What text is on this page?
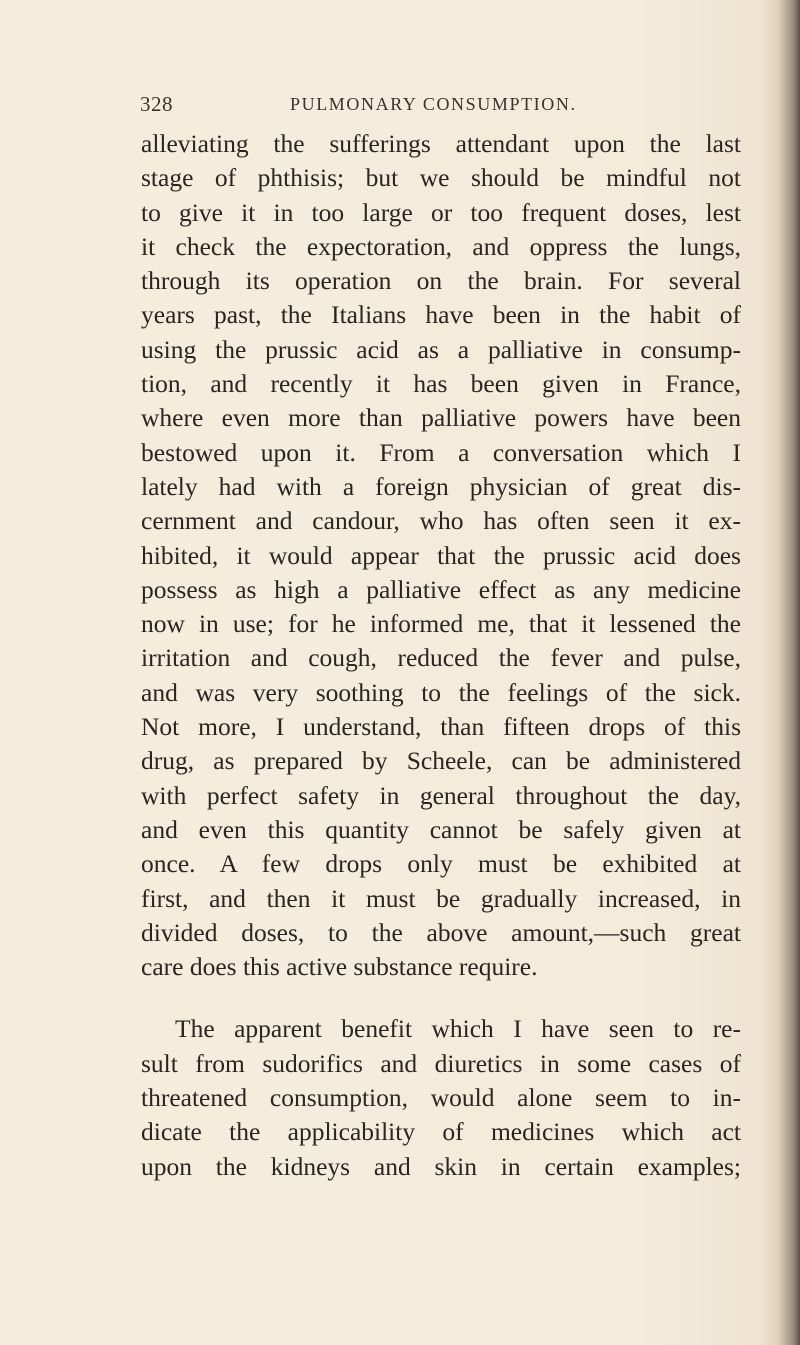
328	PULMONARY CONSUMPTION.
alleviating the sufferings attendant upon the last
stage of phthisis; but we should be mindful not
to give it in too large or too frequent doses, lest
it check the expectoration, and oppress the lungs,
through its operation on the brain. For several
years past, the Italians have been in the habit of
using the prussic acid as a palliative in consump-
tion, and recently it has been given in France,
where even more than palliative powers have been
bestowed upon it. From a conversation which I
lately had with a foreign physician of great dis-
cernment and candour, who has often seen it ex-
hibited, it would appear that the prussic acid does
possess as high a palliative effect as any medicine
now in use; for he informed me, that it lessened the
irritation and cough, reduced the fever and pulse,
and was very soothing to the feelings of the sick.
Not more, I understand, than fifteen drops of this
drug, as prepared by Scheele, can be administered
with perfect safety in general throughout the day,
and even this quantity cannot be safely given at
once. A few drops only must be exhibited at
first, and then it must be gradually increased, in
divided doses, to the above amount,—such great
care does this active substance require.
The apparent benefit which I have seen to re-
sult from sudorifics and diuretics in some cases of
threatened consumption, would alone seem to in-
dicate the applicability of medicines which act
upon the kidneys and skin in certain examples;
